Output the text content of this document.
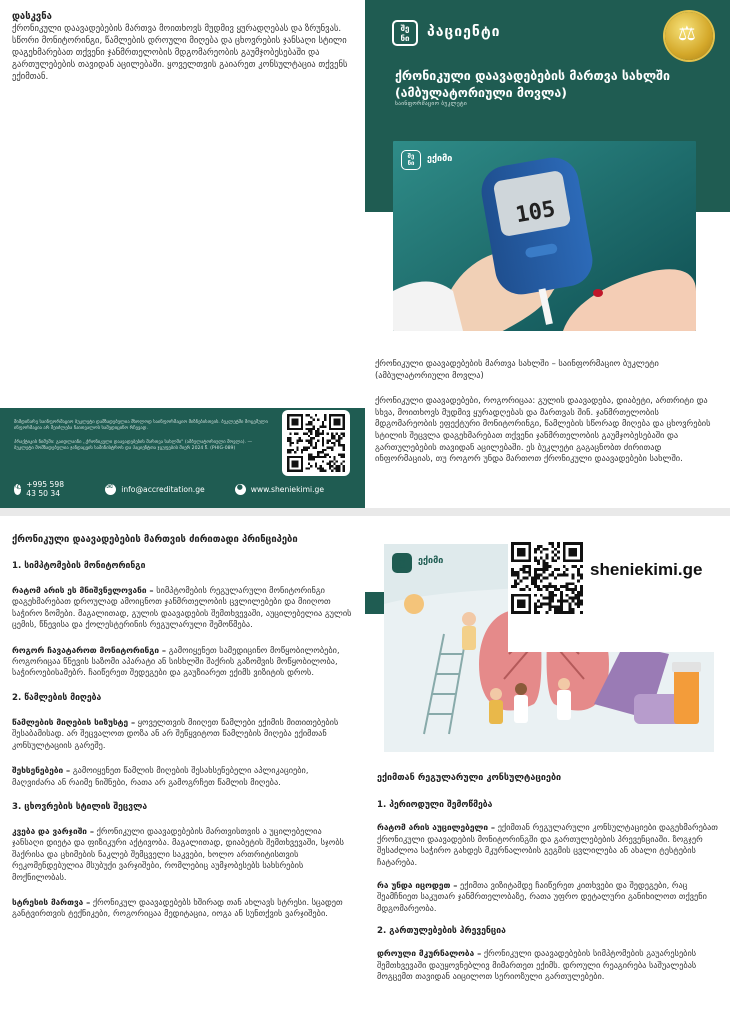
დასკვნა

ქრონიკული დაავადებების მართვა მოითხოვს მუდმივ ყურადღებას და ზრუნვას. სწორი მონიტორინგი, წამლების დროული მიღება და ცხოვრების ჯანსაღი სტილი დაგეხმარებათ თქვენი ჯანმრთელობის მდგომარეობის გაუმჯობესებაში და გართულებების თავიდან აცილებაში. ყოველთვის გაიარეთ კონსულტაცია თქვენს ექიმთან.

მიმდინარე საინფორმაციო ბუკლეტი დამზადებულია მხოლოდ საინფორმაციო მიზნებისთვის. ბუკლეტში მოცემული ინფორმაცია არ შეიძლება ჩაითვალოს სამედიცინო რჩევად.

პრაქტიკის ნიმუში: გაიდლაინი ,,ქრონიკული დაავადებების მართვა სახლში" (ამბულატორიული მოვლა). — ბუკლეტი მომზადებულია ჯანდაცვის სამინისტროს და პაციენტთა ჯგუფების მიერ 2024 წ. (PHIG-089)

✆
+995 598 43 50 34 ✉	info@accreditation.ge ●	www.sheniekimi.ge
შე
ნი	პაციენტი
⚖
ქრონიკული დაავადებების მართვა სახლში (ამბულატორიული მოვლა)
საინფორმაციო ბუკლეტი
105
შე
ნი	ექიმი

ქრონიკული დაავადებების მართვა სახლში – საინფორმაციო ბუკლეტი (ამბულატორიული მოვლა)

ქრონიკული დაავადებები, როგორიცაა: გულის დაავადება, დიაბეტი, ართრიტი და სხვა, მოითხოვს მუდმივ ყურადღებას და მართვას შინ. ჯანმრთელობის მდგომარეობის ეფექტური მონიტორინგი, წამლების სწორად მიღება და ცხოვრების სტილის შეცვლა დაგეხმარებათ თქვენი ჯანმრთელობის გაუმჯობესებაში და გართულებების თავიდან აცილებაში. ეს ბუკლეტი გაგაცნობთ ძირითად ინფორმაციას, თუ როგორ უნდა მართოთ ქრონიკული დაავადებები სახლში.

ქრონიკული დაავადებების მართვის ძირითადი პრინციპები
1. სიმპტომების მონიტორინგი

რატომ არის ეს მნიშვნელოვანი – სიმპტომების რეგულარული მონიტორინგი დაგეხმარებათ დროულად ამოიცნოთ ჯანმრთელობის ცვლილებები და მიიღოთ საჭირო ზომები. მაგალითად, გულის დაავადების შემთხვევაში, აუცილებელია გულის ცემის, წნევისა და ქოლესტერინის რეგულარული შემოწმება.

როგორ ჩავატაროთ მონიტორინგი – გამოიყენეთ სამედიცინო მოწყობილობები, როგორიცაა წნევის საზომი აპარატი ან სისხლში შაქრის გაზომვის მოწყობილობა, საჭიროებისამებრ. ჩაიწერეთ შედეგები და გაუზიარეთ ექიმს ვიზიტის დროს.

2. წამლების მიღება

წამლების მიღების სიზუსტე – ყოველთვის მიიღეთ წამლები ექიმის მითითებების შესაბამისად. არ შეცვალოთ დოზა ან არ შეწყვიტოთ წამლების მიღება ექიმთან კონსულტაციის გარეშე.

შეხსენებები – გამოიყენეთ წამლის მიღების შესახსენებელი აპლიკაციები, მაღვიძარა ან რაიმე ნიშნები, რათა არ გამოგრჩეთ წამლის მიღება.

3. ცხოვრების სტილის შეცვლა

კვება და ვარჯიში – ქრონიკული დაავადებების მართვისთვის ა უცილებელია ჯანსაღი დიეტა და ფიზიკური აქტივობა. მაგალითად, დიაბეტის შემთხვევაში, სჯობს შაქრისა და ცხიმების ნაკლებ შემცველი საკვები, ხოლო ართრიტისთვის რეკომენდებულია მსუბუქი ვარჯიშები, რომლებიც აუმჯობესებს სახსრების მოქნილობას.

სტრესის მართვა – ქრონიკულ დაავადებებს ხშირად თან ახლავს სტრესი. სცადეთ განტვირთვის ტექნიკები, როგორიცაა მედიტაცია, იოგა ან სუნთქვის ვარჯიშები.

შე
ნი
ექიმი
ექიმთან რეგულარული კონსულტაციები
1. პერიოდული შემოწმება

რატომ არის აუცილებელი – ექიმთან რეგულარული კონსულტაციები დაგეხმარებათ ქრონიკული დაავადების მონიტორინგში და გართულებების პრევენციაში. ზოგჯერ შესაძლოა საჭირო გახდეს მკურნალობის გეგმის ცვლილება ან ახალი ტესტების ჩატარება.

რა უნდა იცოდეთ – ექიმთა ვიზიტამდე ჩაიწერეთ კითხვები და შედეგები, რაც შეამჩნიეთ საკუთარ ჯანმრთელობაზე, რათა უფრო დეტალური განიხილოთ თქვენი მდგომარეობა.

2. გართულებების პრევენცია

დროული მკურნალობა – ქრონიკული დაავადებების სიმპტომების გაუარესების შემთხვევაში დაუყოვნებლივ მიმართეთ ექიმს. დროული რეაგირება საშუალებას მოგცემთ თავიდან აიცილოთ სერიოზული გართულებები.

sheniekimi.ge
